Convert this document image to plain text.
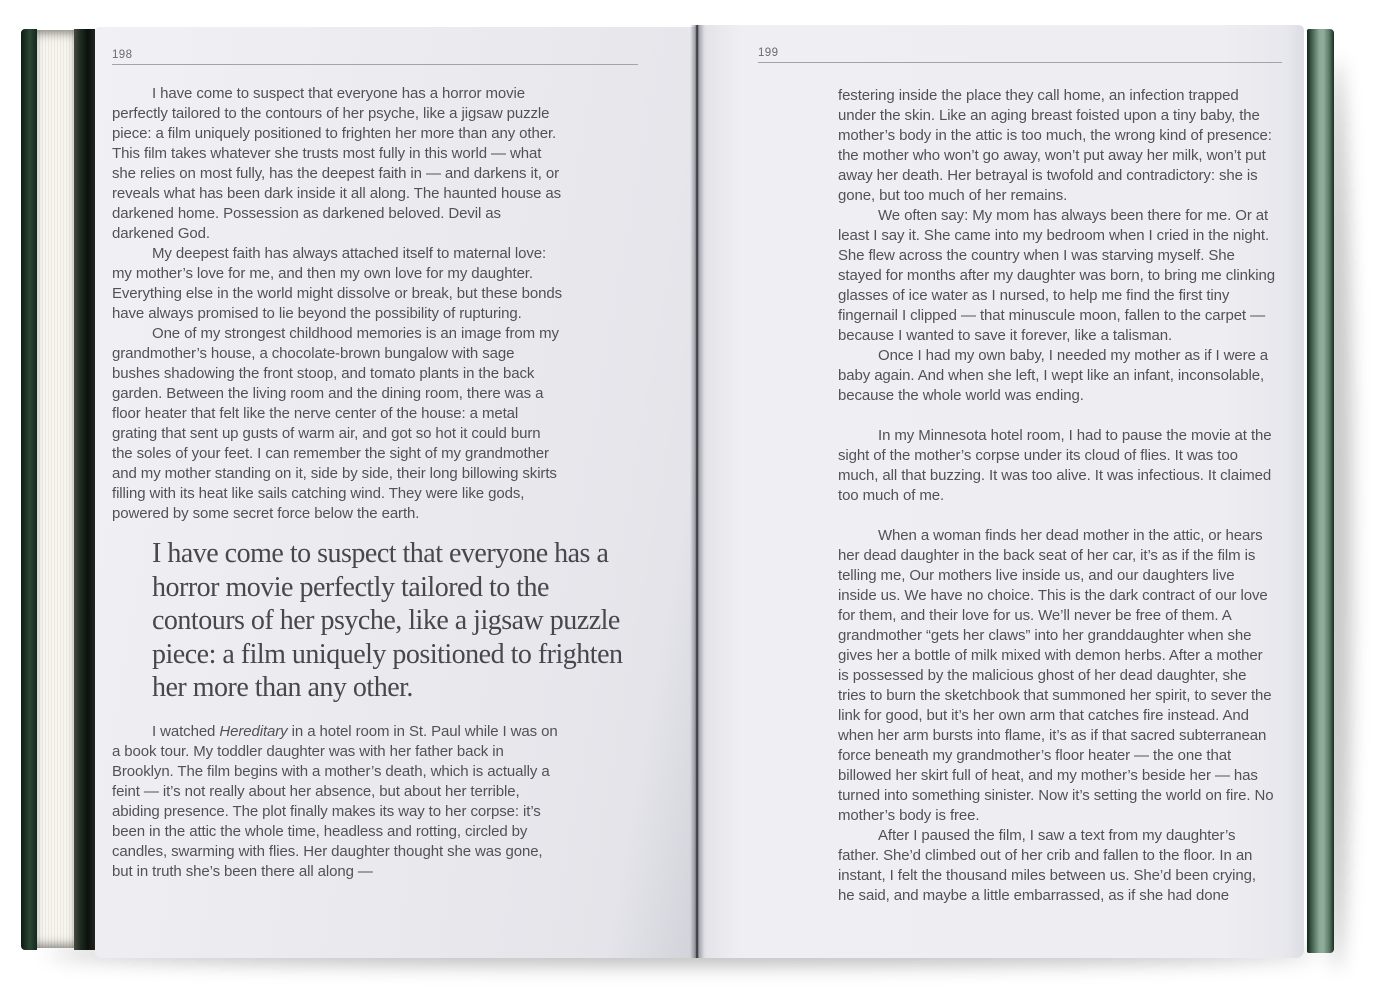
198

I have come to suspect that everyone has a horror movie perfectly tailored to the contours of her psyche, like a jigsaw puzzle piece: a film uniquely positioned to frighten her more than any other. This film takes whatever she trusts most fully in this world — what she relies on most fully, has the deepest faith in — and darkens it, or reveals what has been dark inside it all along. The haunted house as darkened home. Possession as darkened beloved. Devil as darkened God.

My deepest faith has always attached itself to maternal love: my mother’s love for me, and then my own love for my daughter. Everything else in the world might dissolve or break, but these bonds have always promised to lie beyond the possibility of rupturing.

One of my strongest childhood memories is an image from my grandmother’s house, a chocolate-brown bungalow with sage bushes shadowing the front stoop, and tomato plants in the back garden. Between the living room and the dining room, there was a floor heater that felt like the nerve center of the house: a metal grating that sent up gusts of warm air, and got so hot it could burn the soles of your feet. I can remember the sight of my grandmother and my mother standing on it, side by side, their long billowing skirts filling with its heat like sails catching wind. They were like gods, powered by some secret force below the earth.

I have come to suspect that everyone has a horror movie perfectly tailored to the contours of her psyche, like a jigsaw puzzle piece: a film uniquely positioned to frighten her more than any other.

I watched Hereditary in a hotel room in St. Paul while I was on a book tour. My toddler daughter was with her father back in Brooklyn. The film begins with a mother’s death, which is actually a feint — it’s not really about her absence, but about her terrible, abiding presence. The plot finally makes its way to her corpse: it’s been in the attic the whole time, headless and rotting, circled by candles, swarming with flies. Her daughter thought she was gone, but in truth she’s been there all along —

199

festering inside the place they call home, an infection trapped under the skin. Like an aging breast foisted upon a tiny baby, the mother’s body in the attic is too much, the wrong kind of presence: the mother who won’t go away, won’t put away her milk, won’t put away her death. Her betrayal is twofold and contradictory: she is gone, but too much of her remains.

We often say: My mom has always been there for me. Or at least I say it. She came into my bedroom when I cried in the night. She flew across the country when I was starving myself. She stayed for months after my daughter was born, to bring me clinking glasses of ice water as I nursed, to help me find the first tiny fingernail I clipped — that minuscule moon, fallen to the carpet — because I wanted to save it forever, like a talisman.

Once I had my own baby, I needed my mother as if I were a baby again. And when she left, I wept like an infant, inconsolable, because the whole world was ending.

In my Minnesota hotel room, I had to pause the movie at the sight of the mother’s corpse under its cloud of flies. It was too much, all that buzzing. It was too alive. It was infectious. It claimed too much of me.

When a woman finds her dead mother in the attic, or hears her dead daughter in the back seat of her car, it’s as if the film is telling me, Our mothers live inside us, and our daughters live inside us. We have no choice. This is the dark contract of our love for them, and their love for us. We’ll never be free of them. A grandmother “gets her claws” into her granddaughter when she gives her a bottle of milk mixed with demon herbs. After a mother is possessed by the malicious ghost of her dead daughter, she tries to burn the sketchbook that summoned her spirit, to sever the link for good, but it’s her own arm that catches fire instead. And when her arm bursts into flame, it’s as if that sacred subterranean force beneath my grandmother’s floor heater — the one that billowed her skirt full of heat, and my mother’s beside her — has turned into something sinister. Now it’s setting the world on fire. No mother’s body is free.

After I paused the film, I saw a text from my daughter’s father. She’d climbed out of her crib and fallen to the floor. In an instant, I felt the thousand miles between us. She’d been crying, he said, and maybe a little embarrassed, as if she had done
